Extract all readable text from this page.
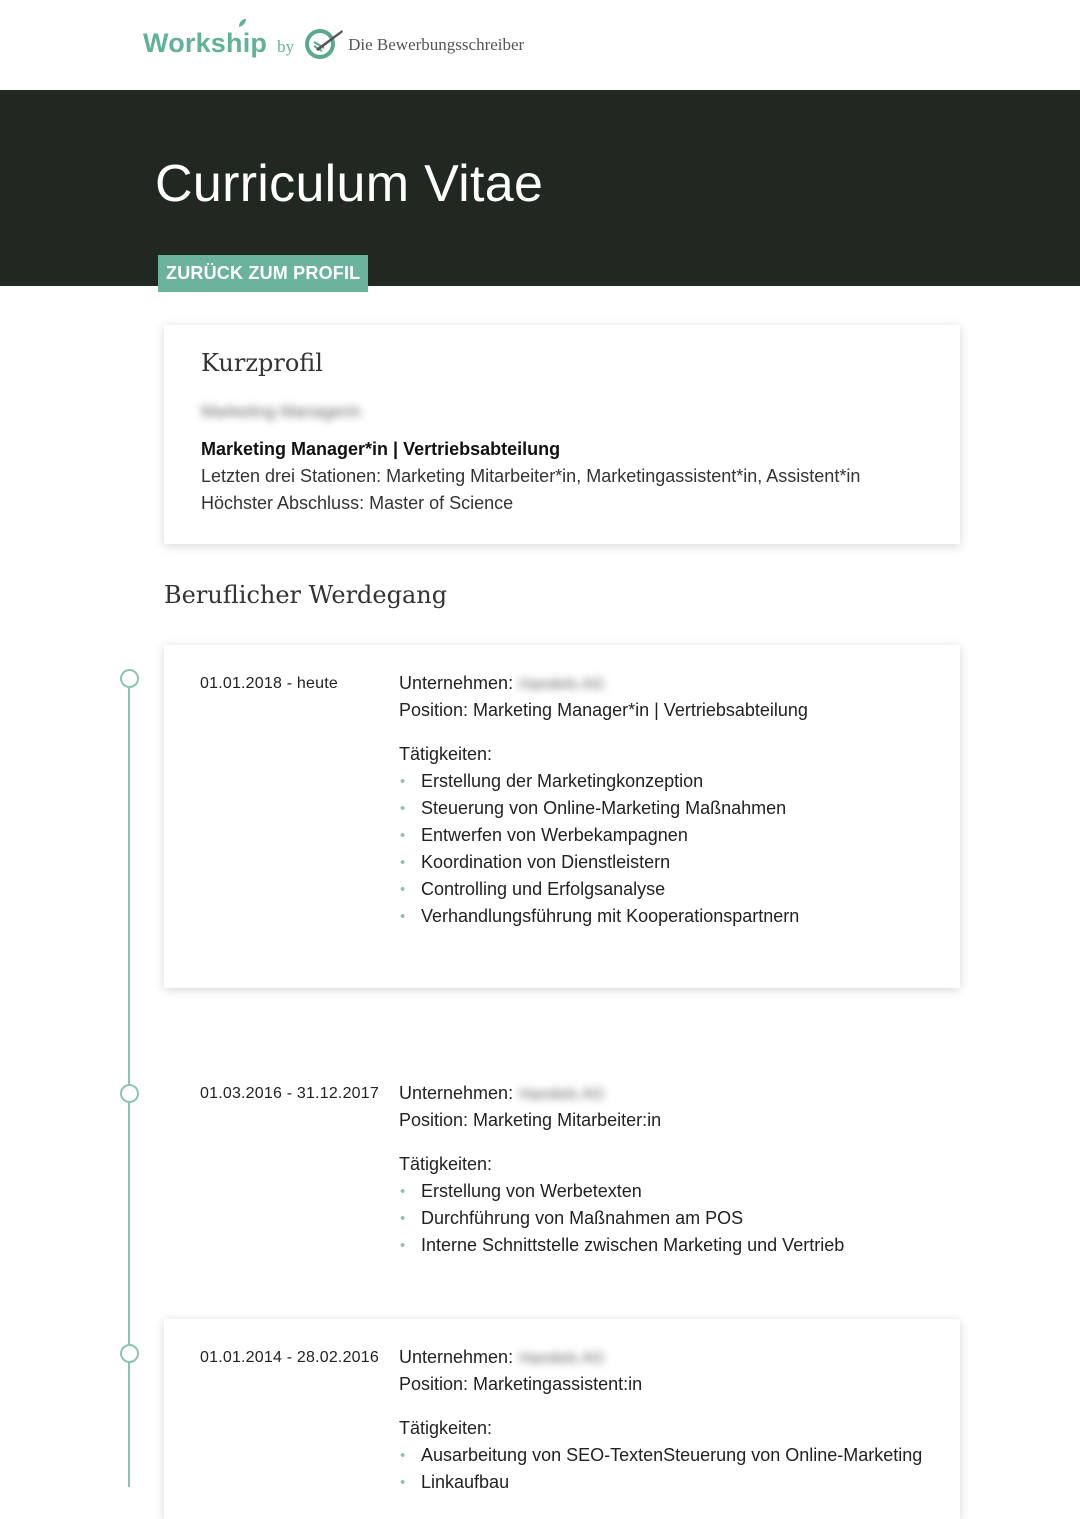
Workship by	Die Bewerbungsschreiber
Curriculum Vitae
ZURÜCK ZUM PROFIL
Kurzprofil
Marketing Managerin
Marketing Manager*in | Vertriebsabteilung
Letzten drei Stationen: Marketing Mitarbeiter*in, Marketingassistent*in, Assistent*in
Höchster Abschluss: Master of Science
Beruflicher Werdegang
01.01.2018 - heute	Unternehmen: Handels AG
Position: Marketing Manager*in | Vertriebsabteilung
Tätigkeiten:
• Erstellung der Marketingkonzeption
• Steuerung von Online-Marketing Maßnahmen
• Entwerfen von Werbekampagnen
• Koordination von Dienstleistern
• Controlling und Erfolgsanalyse
• Verhandlungsführung mit Kooperationspartnern
01.03.2016 - 31.12.2017 Unternehmen: Handels AG
Position: Marketing Mitarbeiter:in
Tätigkeiten:
• Erstellung von Werbetexten
• Durchführung von Maßnahmen am POS
• Interne Schnittstelle zwischen Marketing und Vertrieb
01.01.2014 - 28.02.2016 Unternehmen: Handels AG
Position: Marketingassistent:in
Tätigkeiten:
• Ausarbeitung von SEO-TextenSteuerung von Online-Marketing
• Linkaufbau
